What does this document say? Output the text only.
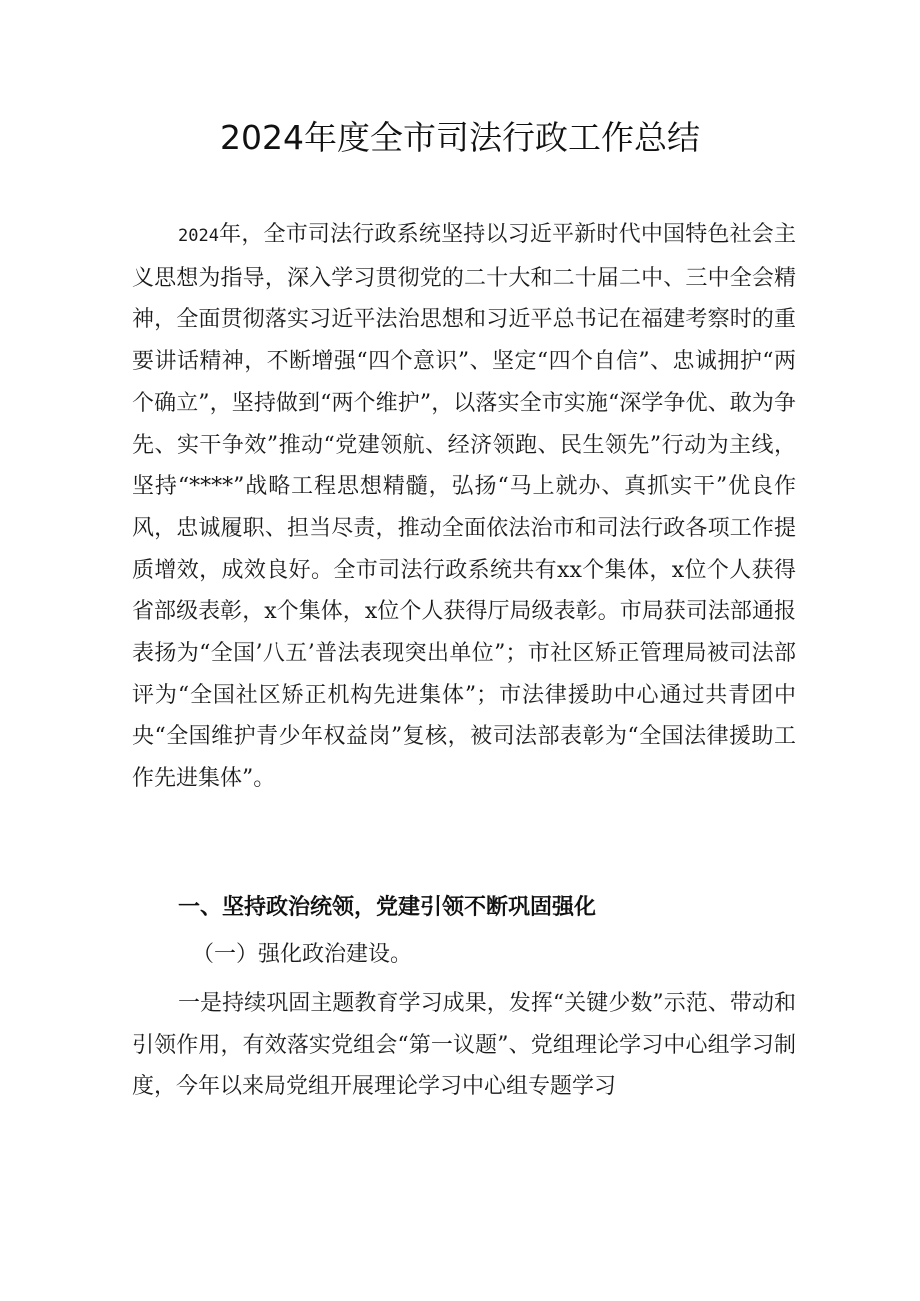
2024年度全市司法行政工作总结

2024年，全市司法行政系统坚持以习近平新时代中国特色社会主义思想为指导，深入学习贯彻党的二十大和二十届二中、三中全会精神，全面贯彻落实习近平法治思想和习近平总书记在福建考察时的重要讲话精神，不断增强“四个意识”、坚定“四个自信”、忠诚拥护“两个确立”，坚持做到“两个维护”，以落实全市实施“深学争优、敢为争先、实干争效”推动“党建领航、经济领跑、民生领先”行动为主线，坚持“****”战略工程思想精髓，弘扬“马上就办、真抓实干”优良作风，忠诚履职、担当尽责，推动全面依法治市和司法行政各项工作提质增效，成效良好。全市司法行政系统共有xx个集体，x位个人获得省部级表彰，x个集体，x位个人获得厅局级表彰。市局获司法部通报表扬为“全国’八五’普法表现突出单位”；市社区矫正管理局被司法部评为“全国社区矫正机构先进集体”；市法律援助中心通过共青团中央“全国维护青少年权益岗”复核，被司法部表彰为“全国法律援助工作先进集体”。

一、坚持政治统领，党建引领不断巩固强化

（一）强化政治建设。

一是持续巩固主题教育学习成果，发挥“关键少数”示范、带动和引领作用，有效落实党组会“第一议题”、党组理论学习中心组学习制度，今年以来局党组开展理论学习中心组专题学习
